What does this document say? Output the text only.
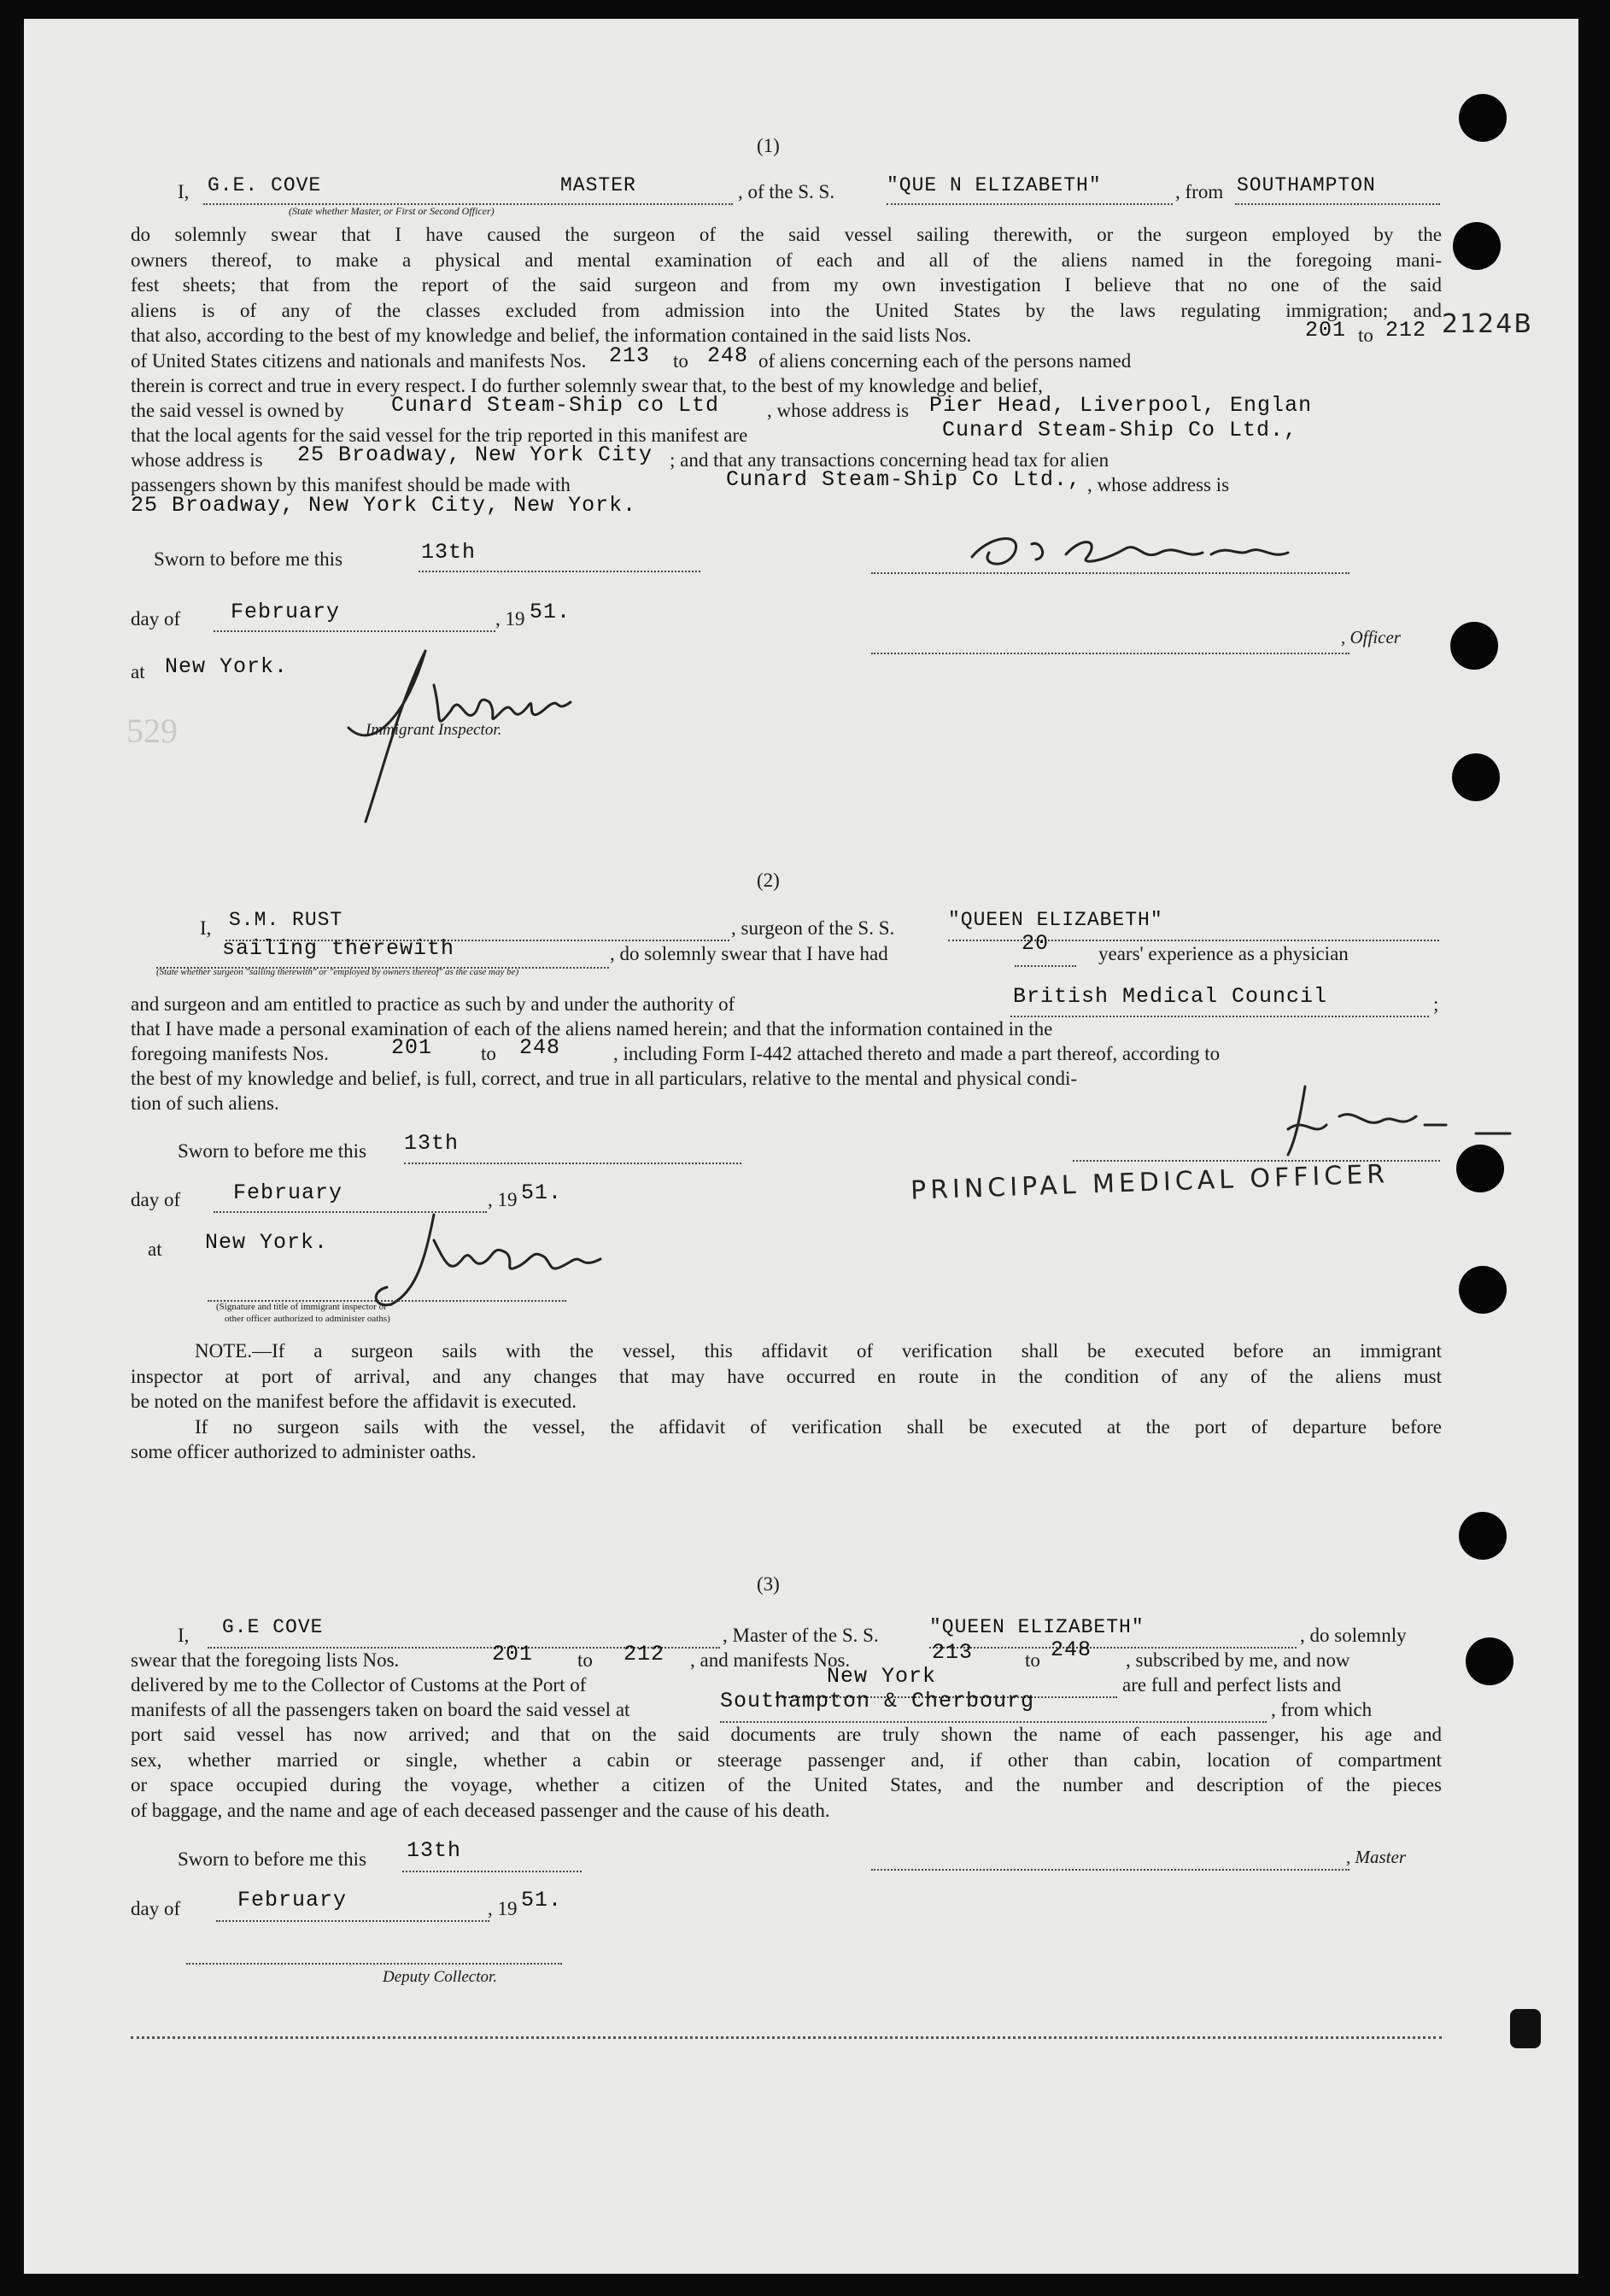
(1)
I, G.E. COVE	MASTER	, of the S. S.	"QUE N ELIZABETH"	, from SOUTHAMPTON
(State whether Master, or First or Second Officer)
do solemnly swear that I have caused the surgeon of the said vessel sailing therewith, or the surgeon employed by the
owners thereof, to make a physical and mental examination of each and all of the aliens named in the foregoing mani-
fest sheets; that from the report of the said surgeon and from my own investigation I believe that no one of the said
aliens is of any of the classes excluded from admission into the United States by the laws regulating immigration; and
that also, according to the best of my knowledge and belief, the information contained in the said lists Nos.	201 to 212 2124B
of United States citizens and nationals and manifests Nos. 213 to 248 of aliens concerning each of the persons named
therein is correct and true in every respect. I do further solemnly swear that, to the best of my knowledge and belief,
the said vessel is owned by Cunard Steam-Ship co Ltd , whose address is Pier Head, Liverpool, Englan
that the local agents for the said vessel for the trip reported in this manifest are	Cunard Steam-Ship Co Ltd.,
whose address is 25 Broadway, New York City ; and that any transactions concerning head tax for alien
passengers shown by this manifest should be made with	Cunard Steam-Ship Co Ltd., , whose address is
25 Broadway, New York City, New York.
Sworn to before me this	13th
day of February	, 19 51.
, Officer
at New York.
529	Immigrant Inspector.
(2)
I, S.M. RUST	, surgeon of the S. S.	"QUEEN ELIZABETH"
sailing therewith	, do solemnly swear that I have had	20	years' experience as a physician
(State whether surgeon "sailing therewith" or "employed by owners thereof" as the case may be)
and surgeon and am entitled to practice as such by and under the authority of	British Medical Council	;
that I have made a personal examination of each of the aliens named herein; and that the information contained in the
foregoing manifests Nos.	201 to 248	, including Form I-442 attached thereto and made a part thereof, according to
the best of my knowledge and belief, is full, correct, and true in all particulars, relative to the mental and physical condi-
tion of such aliens.
Sworn to before me this 13th
PRINCIPAL MEDICAL OFFICER
day of February	, 19 51.
at New York.
(Signature and title of immigrant inspector or
other officer authorized to administer oaths)
NOTE.—If a surgeon sails with the vessel, this affidavit of verification shall be executed before an immigrant
inspector at port of arrival, and any changes that may have occurred en route in the condition of any of the aliens must
be noted on the manifest before the affidavit is executed.
If no surgeon sails with the vessel, the affidavit of verification shall be executed at the port of departure before
some officer authorized to administer oaths.
(3)
I, G.E COVE	, Master of the S. S.	"QUEEN ELIZABETH"	, do solemnly
swear that the foregoing lists Nos.	201 to 212 , and manifests Nos.	213	to 248 , subscribed by me, and now
delivered by me to the Collector of Customs at the Port of	New York	are full and perfect lists and
manifests of all the passengers taken on board the said vessel at	Southampton & Cherbourg	, from which
port said vessel has now arrived; and that on the said documents are truly shown the name of each passenger, his age and
sex, whether married or single, whether a cabin or steerage passenger and, if other than cabin, location of compartment
or space occupied during the voyage, whether a citizen of the United States, and the number and description of the pieces
of baggage, and the name and age of each deceased passenger and the cause of his death.
Sworn to before me this 13th	, Master
day of	February	, 19 51.
Deputy Collector.
